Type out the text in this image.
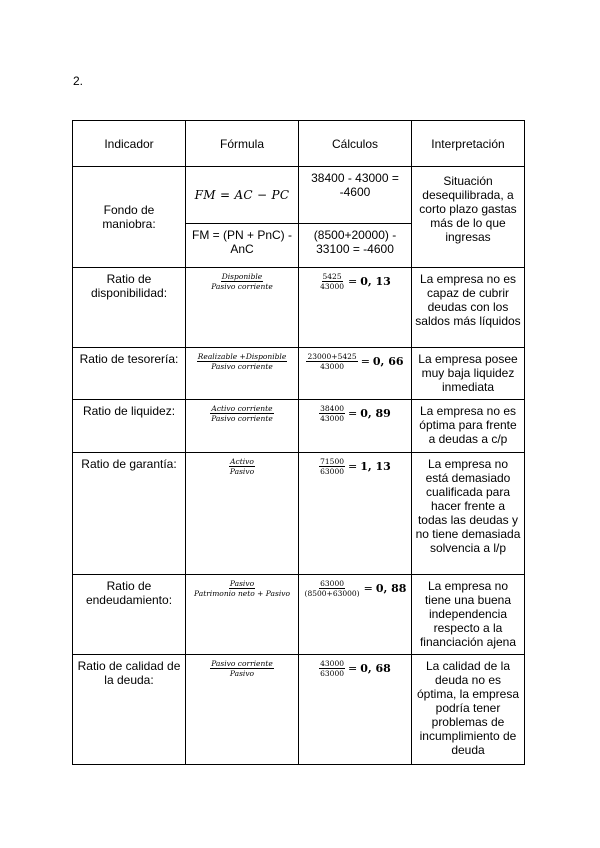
2.
Indicador	Fórmula	Cálculos	Interpretación
Fondo de maniobra:	FM = AC − PC	38400 - 43000 = -4600	Situación desequilibrada, a corto plazo gastas más de lo que ingresas
	FM = (PN + PnC) - AnC	(8500+20000) - 33100 = -4600	
Ratio de disponibilidad:	$\frac{\text{Disponible}}{\text{Pasivo corriente}}$	$\frac{5425}{43000} = 0$, 13	La empresa no es capaz de cubrir deudas con los saldos más líquidos
Ratio de tesorería:	$\frac{\text{Realizable +Disponible}}{\text{Pasivo corriente}}$	$\frac{23000+5425}{43000} = 0$, 66	La empresa posee muy baja liquidez inmediata
Ratio de liquidez:	$\frac{\text{Activo corriente}}{\text{Pasivo corriente}}$	$\frac{38400}{43000} = 0$, 89	La empresa no es óptima para frente a deudas a c/p
Ratio de garantía:	$\frac{\text{Activo}}{\text{Pasivo}}$	$\frac{71500}{63000} = 1$, 13	La empresa no está demasiado cualificada para hacer frente a todas las deudas y no tiene demasiada solvencia a l/p
Ratio de endeudamiento:	$\frac{\text{Pasivo}}{\text{Patrimonio neto + Pasivo}}$	$\frac{63000}{(8500+63000)} = 0$, 88	La empresa no tiene una buena independencia respecto a la financiación ajena
Ratio de calidad de la deuda:	$\frac{\text{Pasivo corriente}}{\text{Pasivo}}$	$\frac{43000}{63000} = 0$, 68	La calidad de la deuda no es óptima, la empresa podría tener problemas de incumplimiento de deuda
